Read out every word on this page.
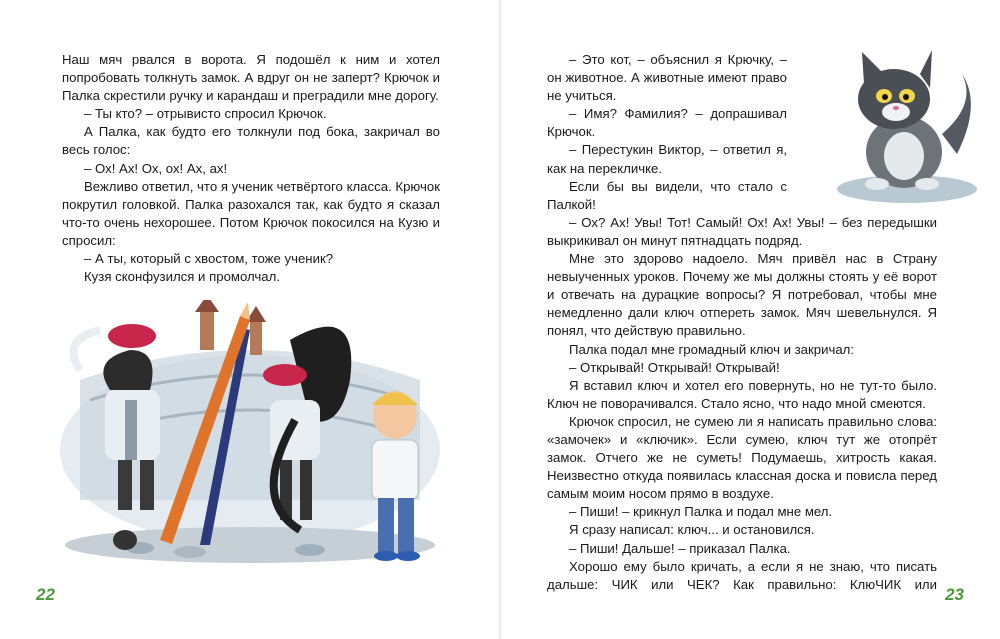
Наш мяч рвался в ворота. Я подошёл к ним и хотел попробовать толкнуть замок. А вдруг он не заперт? Крючок и Палка скрестили ручку и карандаш и преградили мне дорогу.

– Ты кто? – отрывисто спросил Крючок.

А Палка, как будто его толкнули под бока, закричал во весь голос:

– Ох! Ах! Ох, ох! Ах, ах!

Вежливо ответил, что я ученик четвёртого класса. Крючок покрутил головкой. Палка разохался так, как будто я сказал что-то очень нехорошее. Потом Крючок покосился на Кузю и спросил:

– А ты, который с хвостом, тоже ученик?

Кузя сконфузился и промолчал.

22

– Это кот, – объяснил я Крючку, – он животное. А животные имеют право не учиться.

– Имя? Фамилия? – допрашивал Крючок.

– Перестукин Виктор, – ответил я, как на перекличке.

Если бы вы видели, что стало с Палкой!

– Ох? Ах! Увы! Тот! Самый! Ох! Ах! Увы! – без передышки выкрикивал он минут пятнадцать подряд.

Мне это здорово надоело. Мяч привёл нас в Страну невыученных уроков. Почему же мы должны стоять у её ворот и отвечать на дурацкие вопросы? Я потребовал, чтобы мне немедленно дали ключ отпереть замок. Мяч шевельнулся. Я понял, что действую правильно.

Палка подал мне громадный ключ и закричал:

– Открывай! Открывай! Открывай!

Я вставил ключ и хотел его повернуть, но не тут-то было. Ключ не поворачивался. Стало ясно, что надо мной смеются.

Крючок спросил, не сумею ли я написать правильно слова: «замочек» и «ключик». Если сумею, ключ тут же отопрёт замок. Отчего же не суметь! Подумаешь, хитрость какая. Неизвестно откуда появилась классная доска и повисла перед самым моим носом прямо в воздухе.

– Пиши! – крикнул Палка и подал мне мел.

Я сразу написал: ключ... и остановился.

– Пиши! Дальше! – приказал Палка.

Хорошо ему было кричать, а если я не знаю, что писать дальше: ЧИК или ЧЕК? Как правильно: КлюЧИК или

23
